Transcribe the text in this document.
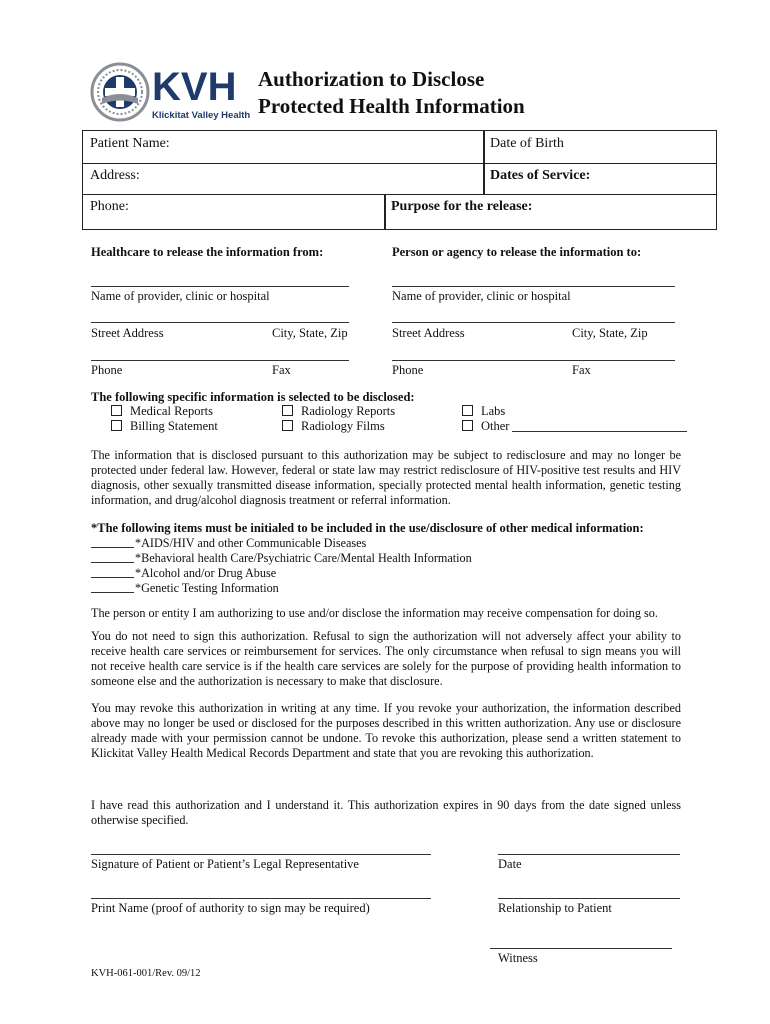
KVH
Klickitat Valley Health
Authorization to Disclose
Protected Health Information
Patient Name:	Date of Birth
Address:	Dates of Service:
Phone:	Purpose for the release:
Healthcare to release the information from:	Person or agency to release the information to:
Name of provider, clinic or hospital
Street Address	City, State, Zip
Phone	Fax
Name of provider, clinic or hospital
Street Address	City, State, Zip
Phone	Fax
The following specific information is selected to be disclosed:
Medical Reports
Billing Statement
Radiology Reports
Radiology Films
Labs
Other
The information that is disclosed pursuant to this authorization may be subject to redisclosure and may no longer be protected under federal law. However, federal or state law may restrict redisclosure of HIV-positive test results and HIV diagnosis, other sexually transmitted disease information, specially protected mental health information, genetic testing information, and drug/alcohol diagnosis treatment or referral information.
*The following items must be initialed to be included in the use/disclosure of other medical information:
*AIDS/HIV and other Communicable Diseases
*Behavioral health Care/Psychiatric Care/Mental Health Information
*Alcohol and/or Drug Abuse
*Genetic Testing Information
The person or entity I am authorizing to use and/or disclose the information may receive compensation for doing so.
You do not need to sign this authorization. Refusal to sign the authorization will not adversely affect your ability to receive health care services or reimbursement for services. The only circumstance when refusal to sign means you will not receive health care service is if the health care services are solely for the purpose of providing health information to someone else and the authorization is necessary to make that disclosure.
You may revoke this authorization in writing at any time. If you revoke your authorization, the information described above may no longer be used or disclosed for the purposes described in this written authorization. Any use or disclosure already made with your permission cannot be undone. To revoke this authorization, please send a written statement to Klickitat Valley Health Medical Records Department and state that you are revoking this authorization.
I have read this authorization and I understand it. This authorization expires in 90 days from the date signed unless otherwise specified.
Signature of Patient or Patient’s Legal Representative	Date
Print Name (proof of authority to sign may be required)	Relationship to Patient
Witness
KVH-061-001/Rev. 09/12
